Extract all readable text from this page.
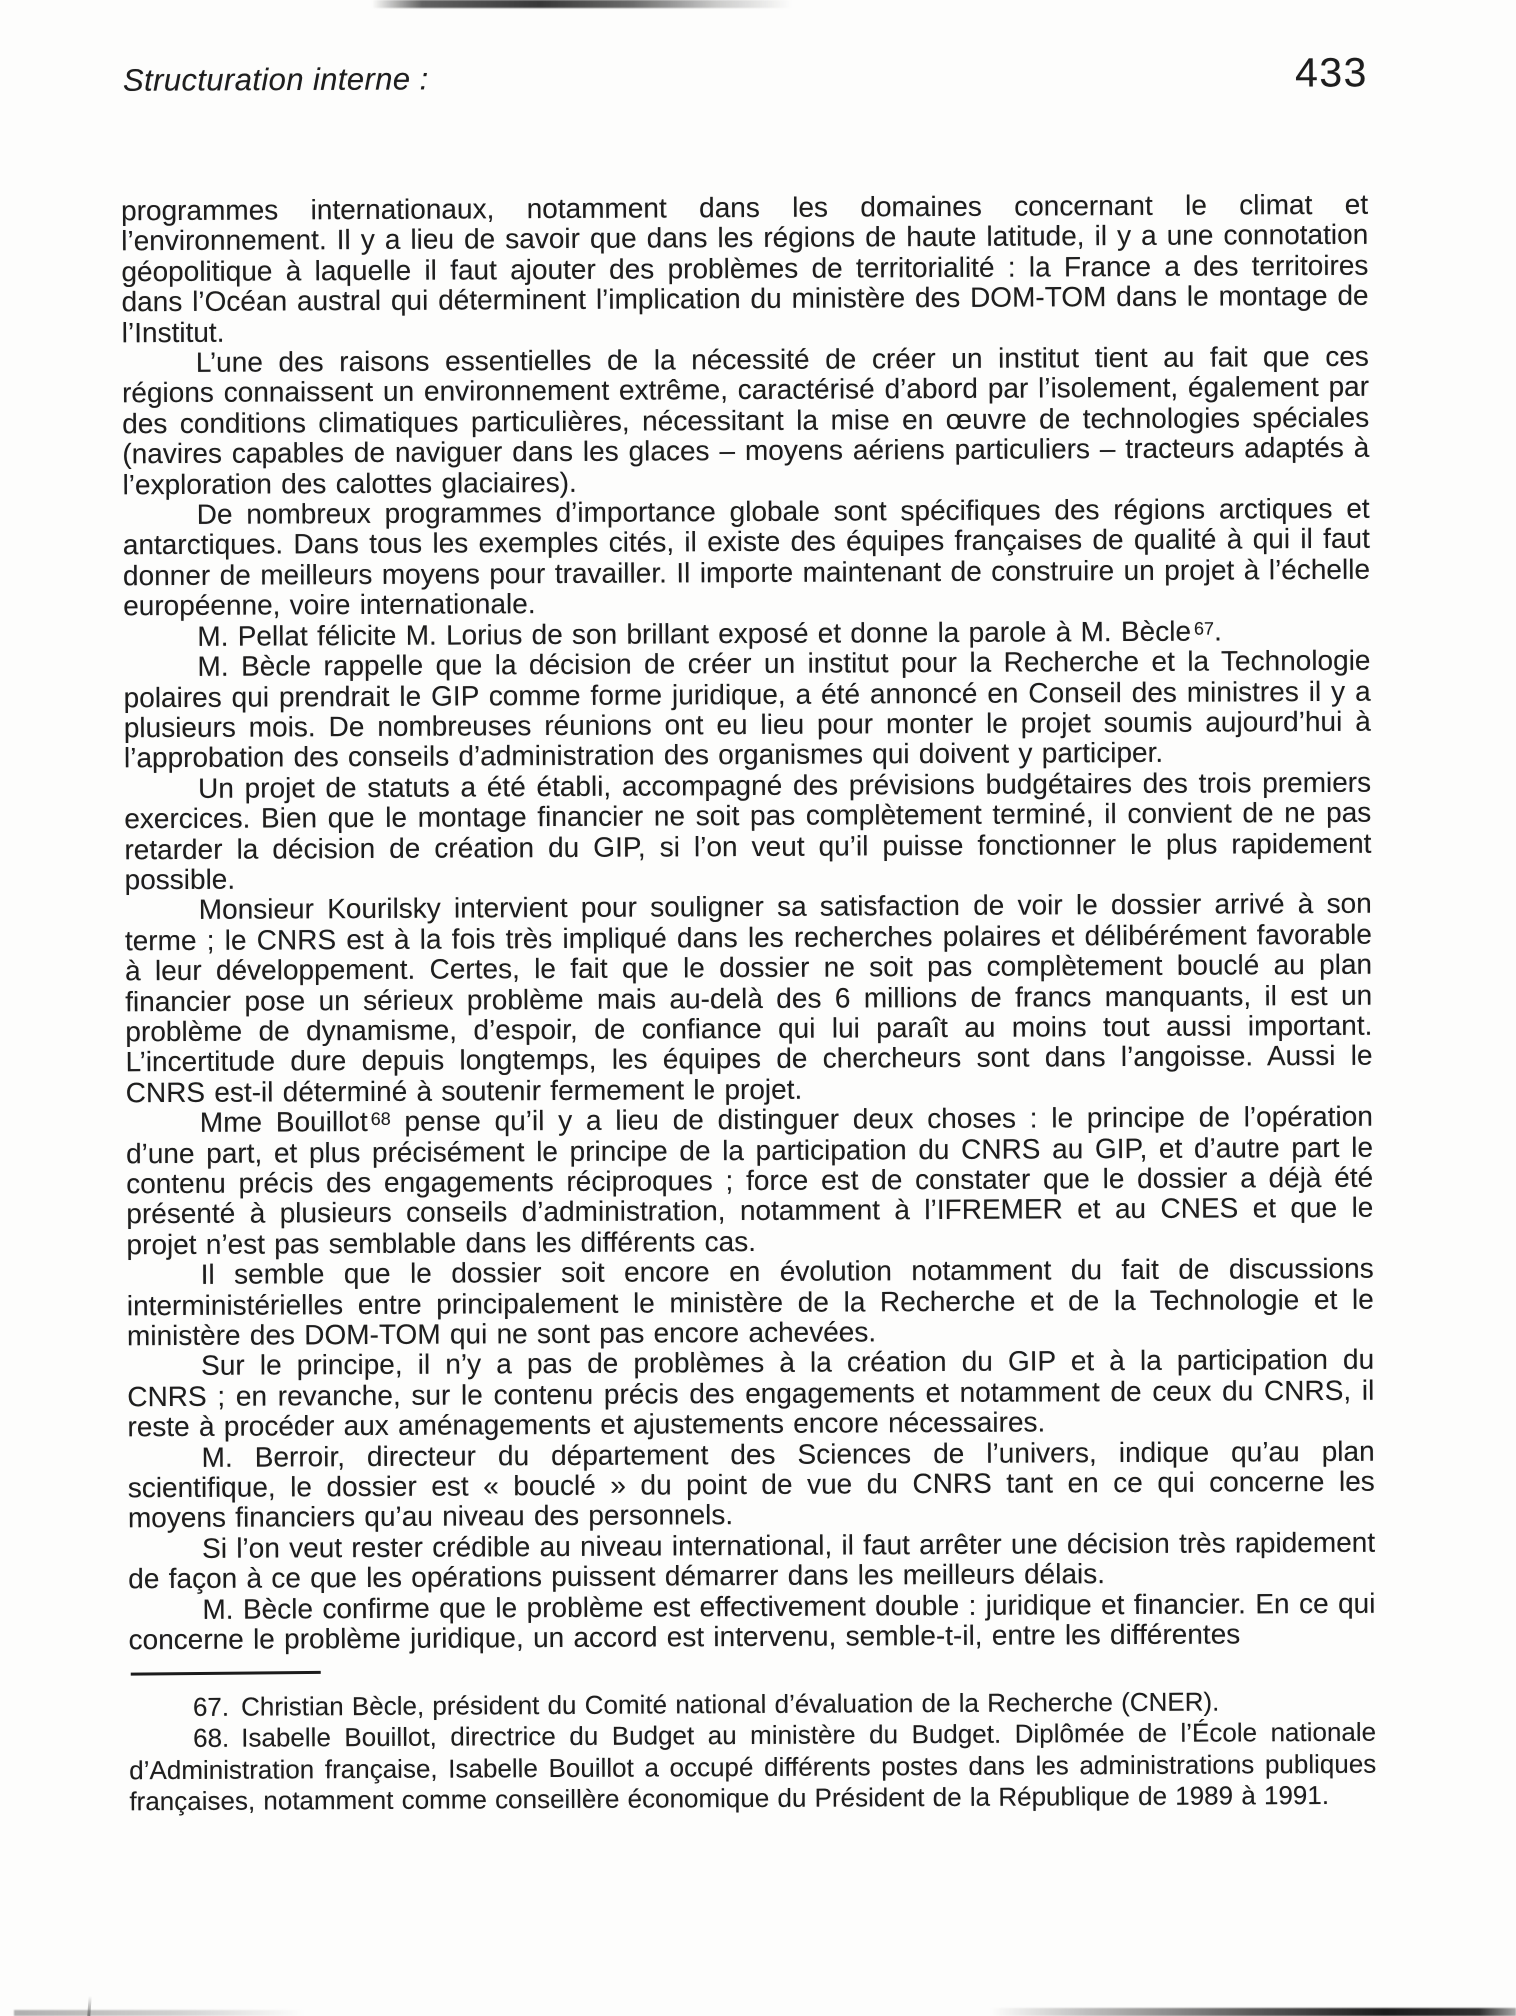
Structuration interne :	433

programmes internationaux, notamment dans les domaines concernant le climat et l’environnement. Il y a lieu de savoir que dans les régions de haute latitude, il y a une connotation géopolitique à laquelle il faut ajouter des problèmes de territorialité : la France a des territoires dans l’Océan austral qui déterminent l’implication du ministère des DOM-TOM dans le montage de l’Institut.

L’une des raisons essentielles de la nécessité de créer un institut tient au fait que ces régions connaissent un environnement extrême, caractérisé d’abord par l’isolement, également par des conditions climatiques particulières, nécessitant la mise en œuvre de technologies spéciales (navires capables de naviguer dans les glaces – moyens aériens particuliers – tracteurs adaptés à l’exploration des calottes glaciaires).

De nombreux programmes d’importance globale sont spécifiques des régions arctiques et antarctiques. Dans tous les exemples cités, il existe des équipes françaises de qualité à qui il faut donner de meilleurs moyens pour travailler. Il importe maintenant de construire un projet à l’échelle européenne, voire internationale.

M. Pellat félicite M. Lorius de son brillant exposé et donne la parole à M. Bècle $^{67}$.

M. Bècle rappelle que la décision de créer un institut pour la Recherche et la Technologie polaires qui prendrait le GIP comme forme juridique, a été annoncé en Conseil des ministres il y a plusieurs mois. De nombreuses réunions ont eu lieu pour monter le projet soumis aujourd’hui à l’approbation des conseils d’administration des organismes qui doivent y participer.

Un projet de statuts a été établi, accompagné des prévisions budgétaires des trois premiers exercices. Bien que le montage financier ne soit pas complètement terminé, il convient de ne pas retarder la décision de création du GIP, si l’on veut qu’il puisse fonctionner le plus rapidement possible.

Monsieur Kourilsky intervient pour souligner sa satisfaction de voir le dossier arrivé à son terme ; le CNRS est à la fois très impliqué dans les recherches polaires et délibérément favorable à leur développement. Certes, le fait que le dossier ne soit pas complètement bouclé au plan financier pose un sérieux problème mais au-delà des 6 millions de francs manquants, il est un problème de dynamisme, d’espoir, de confiance qui lui paraît au moins tout aussi important. L’incertitude dure depuis longtemps, les équipes de chercheurs sont dans l’angoisse. Aussi le CNRS est-il déterminé à soutenir fermement le projet.

Mme Bouillot $^{68}$ pense qu’il y a lieu de distinguer deux choses : le principe de l’opération d’une part, et plus précisément le principe de la participation du CNRS au GIP, et d’autre part le contenu précis des engagements réciproques ; force est de constater que le dossier a déjà été présenté à plusieurs conseils d’administration, notamment à l’IFREMER et au CNES et que le projet n’est pas semblable dans les différents cas.

Il semble que le dossier soit encore en évolution notamment du fait de discussions interministérielles entre principalement le ministère de la Recherche et de la Technologie et le ministère des DOM-TOM qui ne sont pas encore achevées.

Sur le principe, il n’y a pas de problèmes à la création du GIP et à la participation du CNRS ; en revanche, sur le contenu précis des engagements et notamment de ceux du CNRS, il reste à procéder aux aménagements et ajustements encore nécessaires.

M. Berroir, directeur du département des Sciences de l’univers, indique qu’au plan scientifique, le dossier est « bouclé » du point de vue du CNRS tant en ce qui concerne les moyens financiers qu’au niveau des personnels.

Si l’on veut rester crédible au niveau international, il faut arrêter une décision très rapidement de façon à ce que les opérations puissent démarrer dans les meilleurs délais.

M. Bècle confirme que le problème est effectivement double : juridique et financier. En ce qui concerne le problème juridique, un accord est intervenu, semble-t-il, entre les différentes

67. Christian Bècle, président du Comité national d’évaluation de la Recherche (CNER).

68. Isabelle Bouillot, directrice du Budget au ministère du Budget. Diplômée de l’École nationale d’Administration française, Isabelle Bouillot a occupé différents postes dans les administrations publiques françaises, notamment comme conseillère économique du Président de la République de 1989 à 1991.
